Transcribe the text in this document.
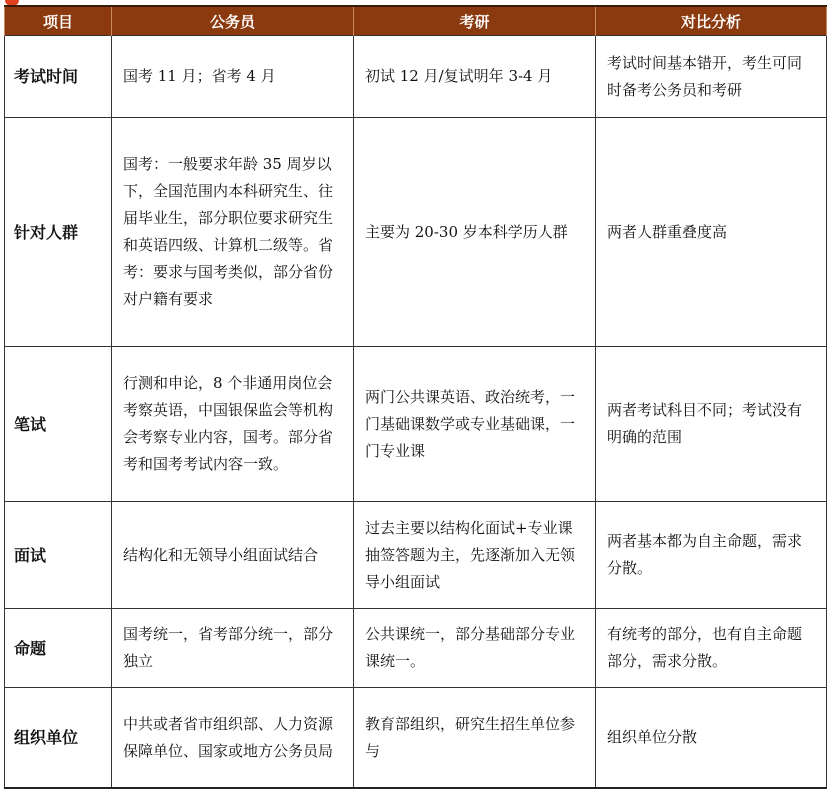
项目	公务员	考研	对比分析
考试时间	国考 11 月；省考 4 月	初试 12 月/复试明年 3-4 月	考试时间基本错开，考生可同时备考公务员和考研
针对人群	国考：一般要求年龄 35 周岁以下，全国范围内本科研究生、往届毕业生，部分职位要求研究生和英语四级、计算机二级等。省考：要求与国考类似，部分省份对户籍有要求	主要为 20-30 岁本科学历人群	两者人群重叠度高
笔试	行测和申论，8 个非通用岗位会考察英语，中国银保监会等机构会考察专业内容，国考。部分省考和国考考试内容一致。	两门公共课英语、政治统考，一门基础课数学或专业基础课，一门专业课	两者考试科目不同；考试没有明确的范围
面试	结构化和无领导小组面试结合	过去主要以结构化面试+专业课抽签答题为主，先逐渐加入无领导小组面试	两者基本都为自主命题，需求分散。
命题	国考统一，省考部分统一，部分独立	公共课统一，部分基础部分专业课统一。	有统考的部分，也有自主命题部分，需求分散。
组织单位	中共或者省市组织部、人力资源保障单位、国家或地方公务员局	教育部组织，研究生招生单位参与	组织单位分散
